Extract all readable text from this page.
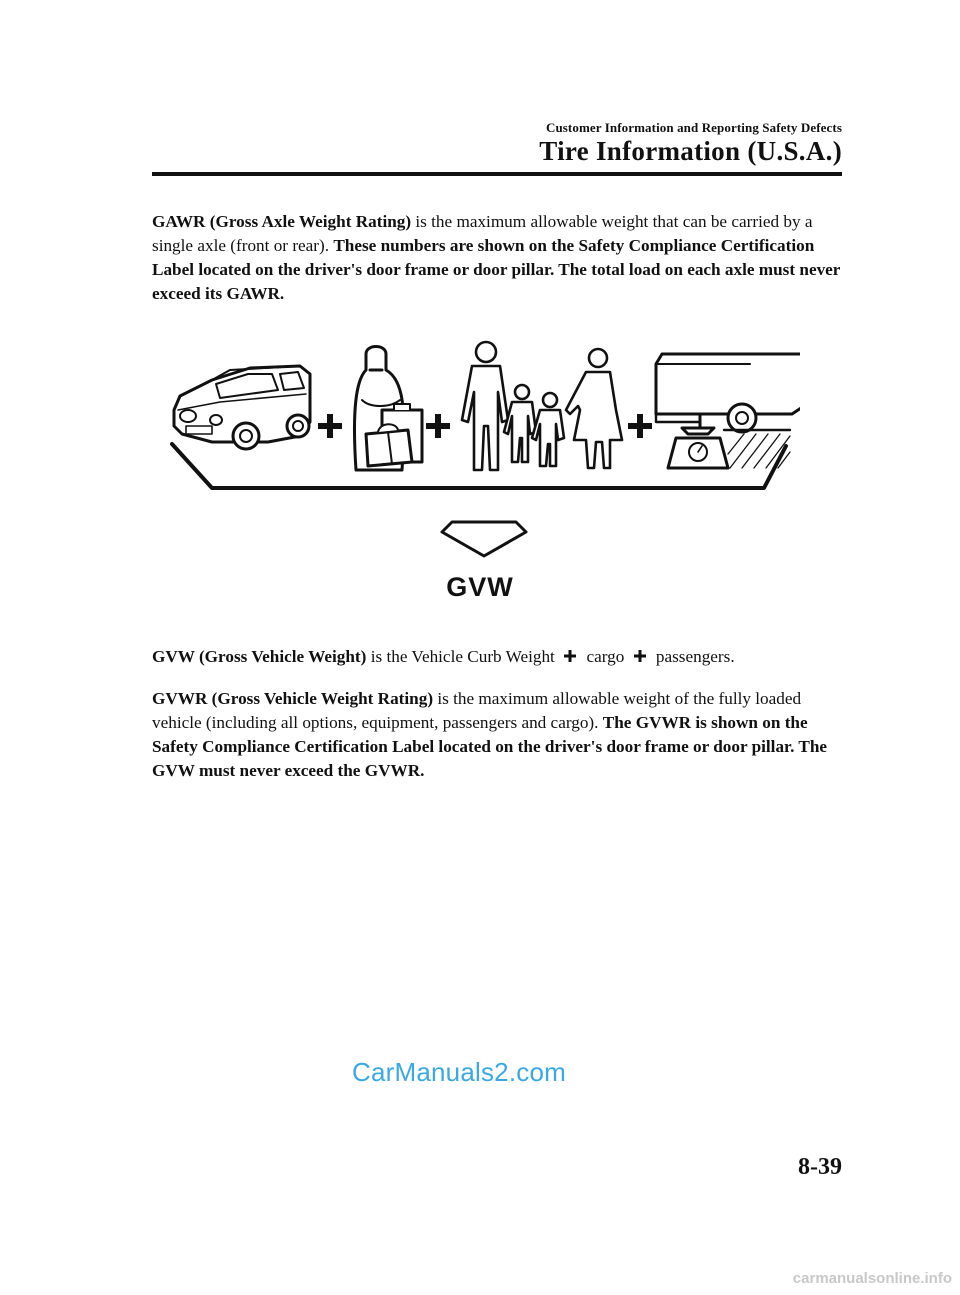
Customer Information and Reporting Safety Defects
Tire Information (U.S.A.)
GAWR (Gross Axle Weight Rating) is the maximum allowable weight that can be carried by a single axle (front or rear). These numbers are shown on the Safety Compliance Certification Label located on the driver's door frame or door pillar. The total load on each axle must never exceed its GAWR.
GVW
GVW (Gross Vehicle Weight) is the Vehicle Curb Weight  cargo  passengers.
GVWR (Gross Vehicle Weight Rating) is the maximum allowable weight of the fully loaded vehicle (including all options, equipment, passengers and cargo). The GVWR is shown on the Safety Compliance Certification Label located on the driver's door frame or door pillar. The GVW must never exceed the GVWR.
CarManuals2.com
8-39
carmanualsonline.info
